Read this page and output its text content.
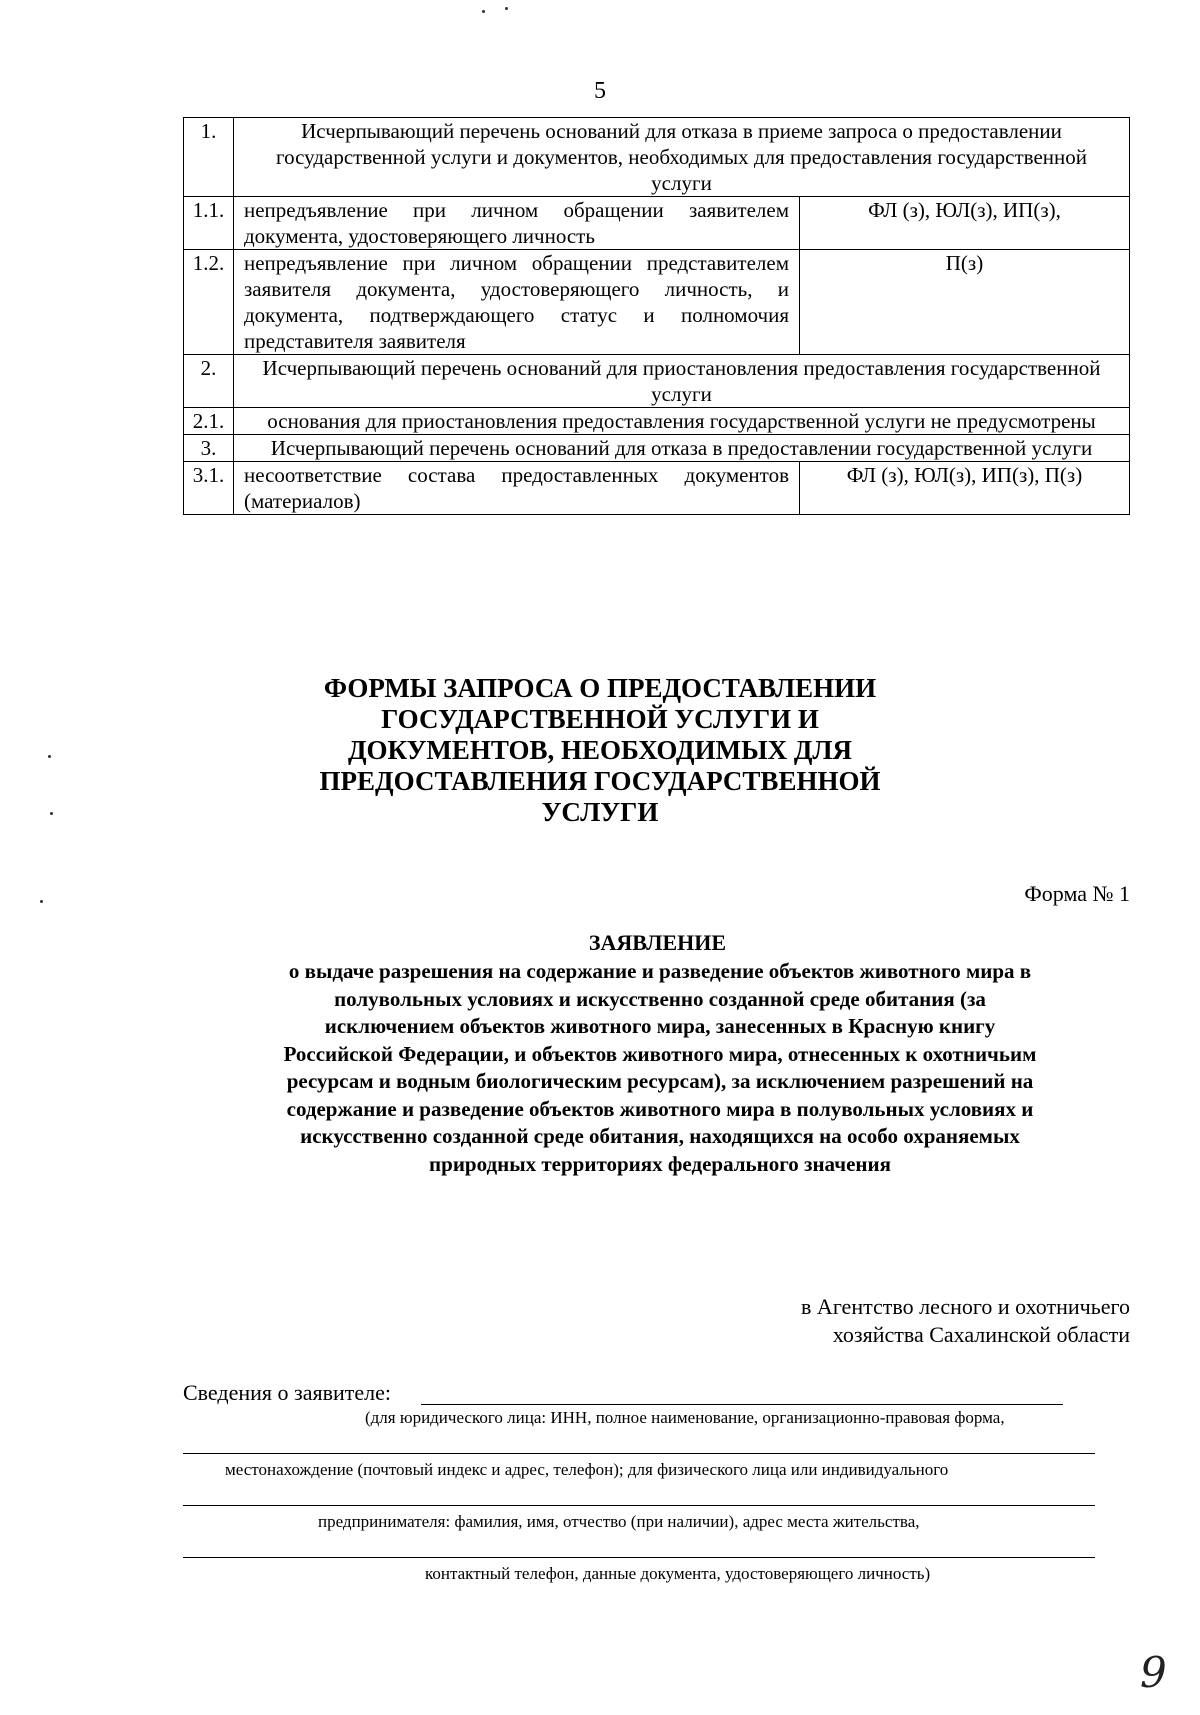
5
1.	Исчерпывающий перечень оснований для отказа в приеме запроса о предоставлении государственной услуги и документов, необходимых для предоставления государственной услуги	
1.1.	непредъявление при личном обращении заявителем документа, удостоверяющего личность	ФЛ (з), ЮЛ(з), ИП(з),
1.2.	непредъявление при личном обращении представителем заявителя документа, удостоверяющего личность, и документа, подтверждающего статус и полномочия представителя заявителя	П(з)
2.	Исчерпывающий перечень оснований для приостановления предоставления государственной услуги	
2.1.	основания для приостановления предоставления государственной услуги не предусмотрены	
3.	Исчерпывающий перечень оснований для отказа в предоставлении государственной услуги	
3.1.	несоответствие состава предоставленных документов (материалов)	ФЛ (з), ЮЛ(з), ИП(з), П(з)
ФОРМЫ ЗАПРОСА О ПРЕДОСТАВЛЕНИИ ГОСУДАРСТВЕННОЙ УСЛУГИ И ДОКУМЕНТОВ, НЕОБХОДИМЫХ ДЛЯ ПРЕДОСТАВЛЕНИЯ ГОСУДАРСТВЕННОЙ УСЛУГИ
Форма № 1
ЗАЯВЛЕНИЕ
о выдаче разрешения на содержание и разведение объектов животного мира в полувольных условиях и искусственно созданной среде обитания (за исключением объектов животного мира, занесенных в Красную книгу Российской Федерации, и объектов животного мира, отнесенных к охотничьим ресурсам и водным биологическим ресурсам), за исключением разрешений на содержание и разведение объектов животного мира в полувольных условиях и искусственно созданной среде обитания, находящихся на особо охраняемых природных территориях федерального значения
в Агентство лесного и охотничьего
хозяйства Сахалинской области
Сведения о заявителе:
(для юридического лица: ИНН, полное наименование, организационно-правовая форма,
местонахождение (почтовый индекс и адрес, телефон); для физического лица или индивидуального
предпринимателя: фамилия, имя, отчество (при наличии), адрес места жительства,
контактный телефон, данные документа, удостоверяющего личность)
9
